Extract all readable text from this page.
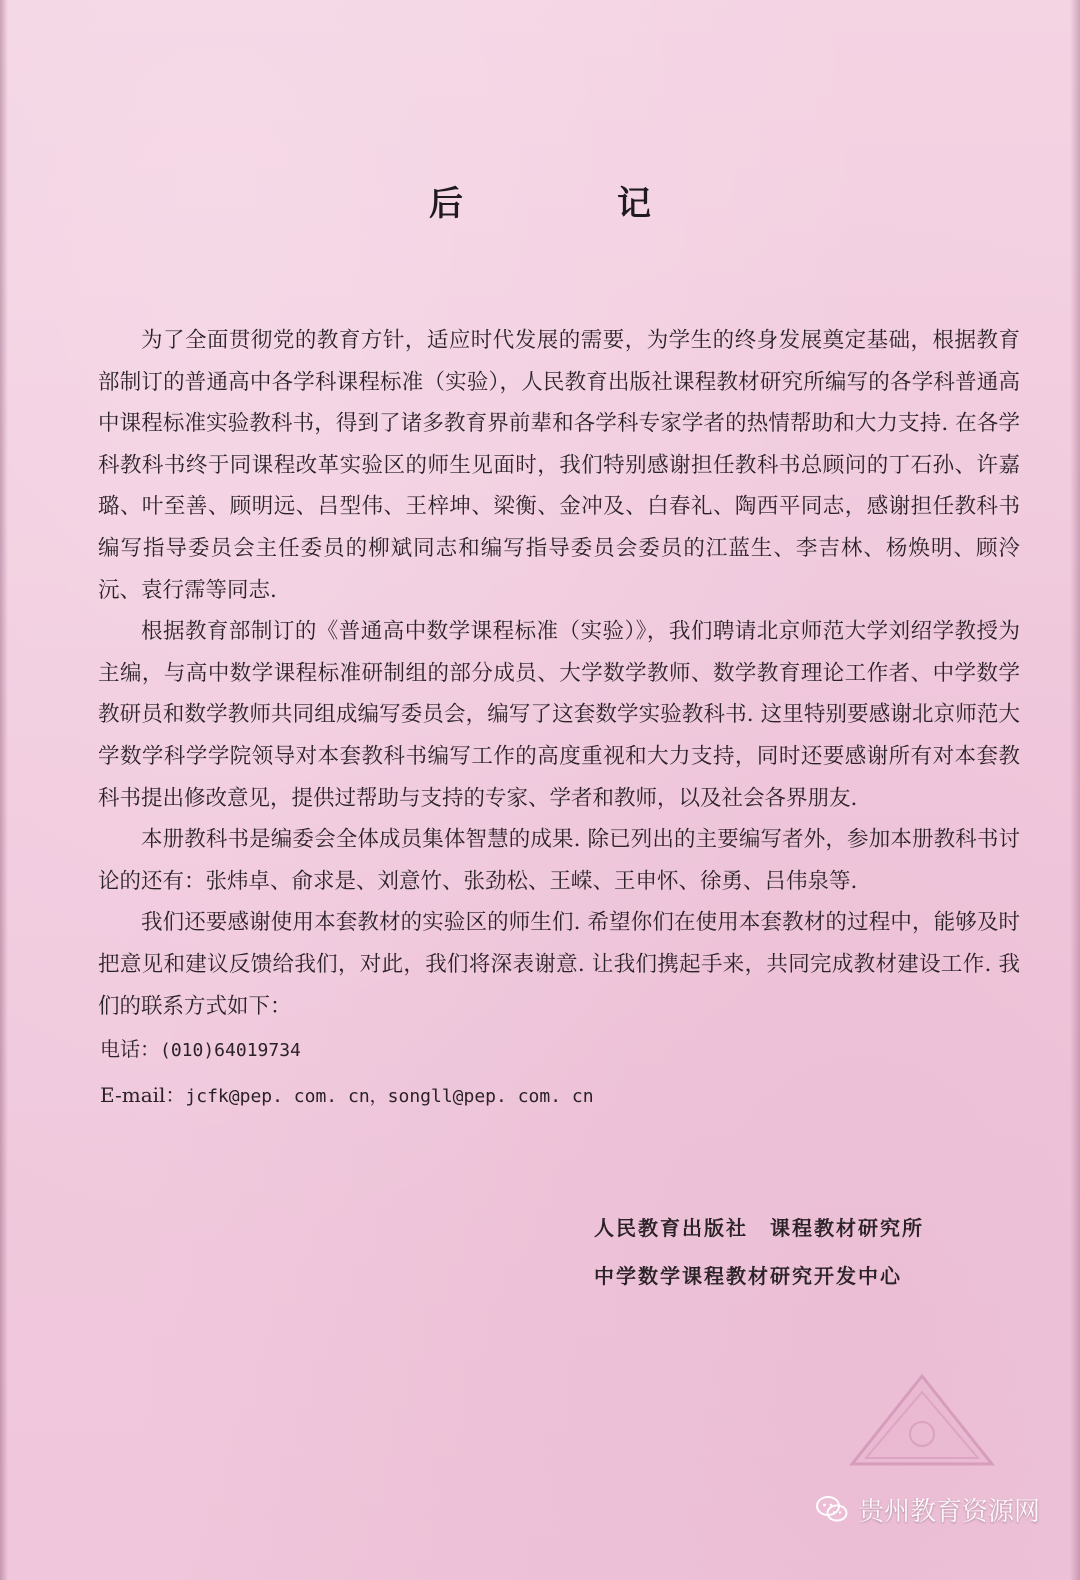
后　记

为了全面贯彻党的教育方针，适应时代发展的需要，为学生的终身发展奠定基础，根据教育部制订的普通高中各学科课程标准（实验），人民教育出版社课程教材研究所编写的各学科普通高中课程标准实验教科书，得到了诸多教育界前辈和各学科专家学者的热情帮助和大力支持. 在各学科教科书终于同课程改革实验区的师生见面时，我们特别感谢担任教科书总顾问的丁石孙、许嘉璐、叶至善、顾明远、吕型伟、王梓坤、梁衡、金冲及、白春礼、陶西平同志，感谢担任教科书编写指导委员会主任委员的柳斌同志和编写指导委员会委员的江蓝生、李吉林、杨焕明、顾泠沅、袁行霈等同志.

根据教育部制订的《普通高中数学课程标准（实验）》，我们聘请北京师范大学刘绍学教授为主编，与高中数学课程标准研制组的部分成员、大学数学教师、数学教育理论工作者、中学数学教研员和数学教师共同组成编写委员会，编写了这套数学实验教科书. 这里特别要感谢北京师范大学数学科学学院领导对本套教科书编写工作的高度重视和大力支持，同时还要感谢所有对本套教科书提出修改意见，提供过帮助与支持的专家、学者和教师，以及社会各界朋友.

本册教科书是编委会全体成员集体智慧的成果. 除已列出的主要编写者外，参加本册教科书讨论的还有：张炜卓、俞求是、刘意竹、张劲松、王嵘、王申怀、徐勇、吕伟泉等.

我们还要感谢使用本套教材的实验区的师生们. 希望你们在使用本套教材的过程中，能够及时把意见和建议反馈给我们，对此，我们将深表谢意. 让我们携起手来，共同完成教材建设工作. 我们的联系方式如下：

电话：(010)64019734

E-mail：jcfk@pep. com. cn，songll@pep. com. cn

人民教育出版社　课程教材研究所
中学数学课程教材研究开发中心
贵州教育资源网
